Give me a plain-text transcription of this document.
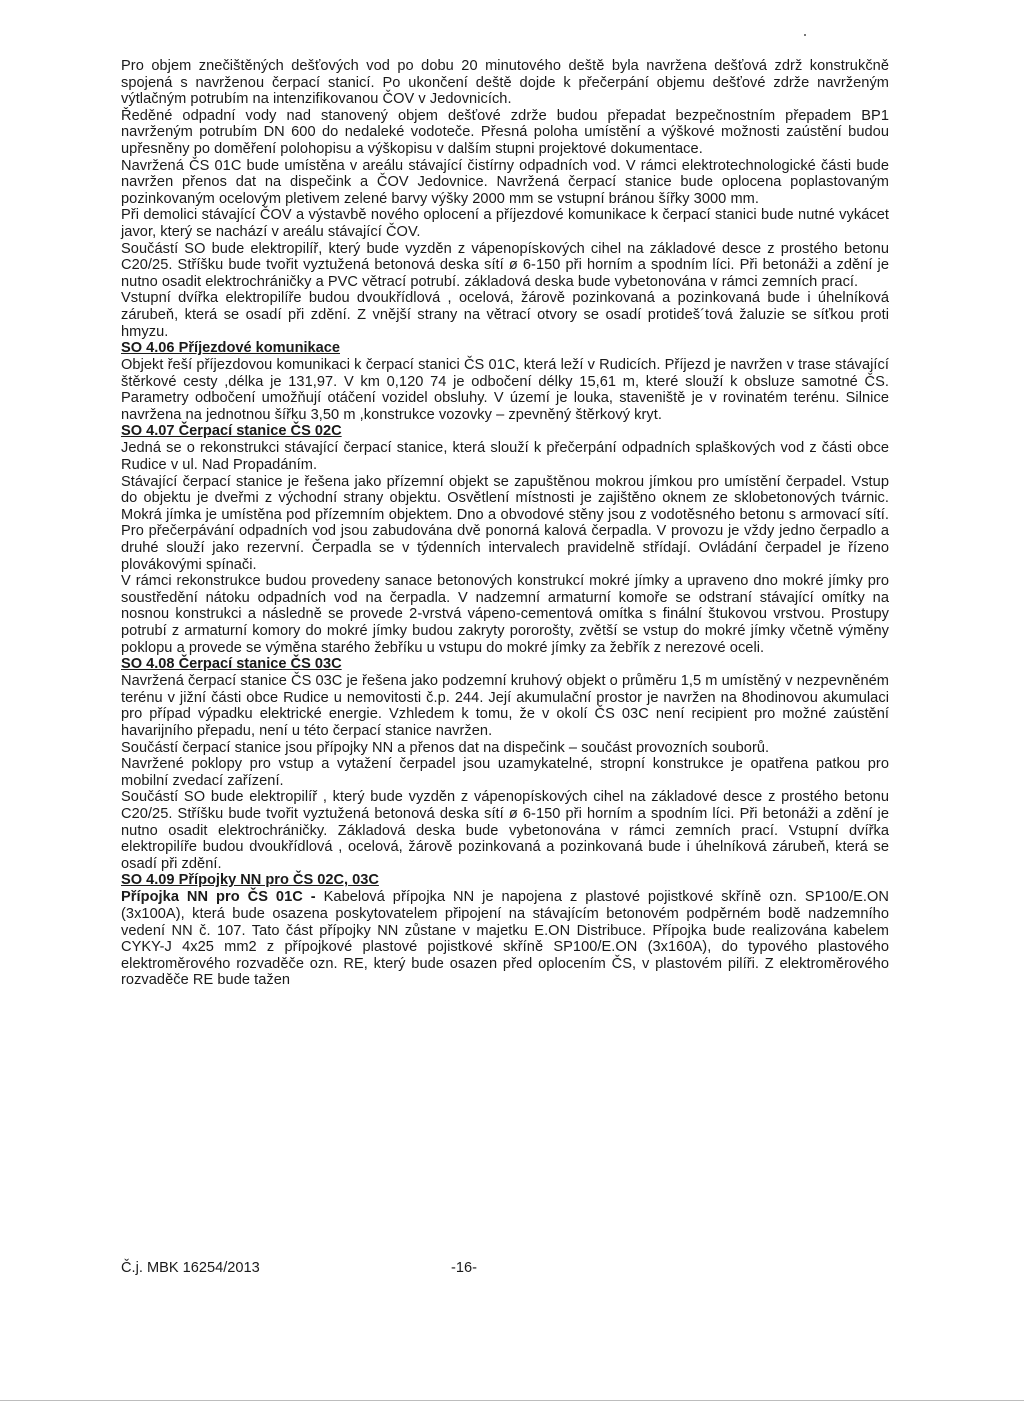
Pro objem znečištěných dešťových vod po dobu 20 minutového deště byla navržena dešťová zdrž konstrukčně spojená s navrženou čerpací stanicí. Po ukončení deště dojde k přečerpání objemu dešťové zdrže navrženým výtlačným potrubím na intenzifikovanou ČOV v Jedovnicích.

Ředěné odpadní vody nad stanovený objem dešťové zdrže budou přepadat bezpečnostním přepadem BP1 navrženým potrubím DN 600 do nedaleké vodoteče. Přesná poloha umístění a výškové možnosti zaústění budou upřesněny po doměření polohopisu a výškopisu v dalším stupni projektové dokumentace.

Navržená ČS 01C bude umístěna v areálu stávající čistírny odpadních vod. V rámci elektrotechnologické části bude navržen přenos dat na dispečink a ČOV Jedovnice. Navržená čerpací stanice bude oplocena poplastovaným pozinkovaným ocelovým pletivem zelené barvy výšky 2000 mm se vstupní bránou šířky 3000 mm.

Při demolici stávající ČOV a výstavbě nového oplocení a příjezdové komunikace k čerpací stanici bude nutné vykácet javor, který se nachází v areálu stávající ČOV.

Součástí SO bude elektropilíř, který bude vyzděn z vápenopískových cihel na základové desce z prostého betonu C20/25. Stříšku bude tvořit vyztužená betonová deska sítí ø 6-150 při horním a spodním líci. Při betonáži a zdění je nutno osadit elektrochráničky a PVC větrací potrubí. základová deska bude vybetonována v rámci zemních prací.

Vstupní dvířka elektropilíře budou dvoukřídlová , ocelová, žárově pozinkovaná a pozinkovaná bude i úhelníková zárubeň, která se osadí při zdění. Z vnější strany na větrací otvory se osadí protideš´tová žaluzie se síťkou proti hmyzu.

SO 4.06 Příjezdové komunikace

Objekt řeší příjezdovou komunikaci k čerpací stanici ČS 01C, která leží v Rudicích. Příjezd je navržen v trase stávající štěrkové cesty ,délka je 131,97. V km 0,120 74 je odbočení délky 15,61 m, které slouží k obsluze samotné ČS. Parametry odbočení umožňují otáčení vozidel obsluhy. V území je louka, staveniště je v rovinatém terénu. Silnice navržena na jednotnou šířku 3,50 m ,konstrukce vozovky – zpevněný štěrkový kryt.

SO 4.07 Čerpací stanice ČS 02C

Jedná se o rekonstrukci stávající čerpací stanice, která slouží k přečerpání odpadních splaškových vod z části obce Rudice v ul. Nad Propadáním.

Stávající čerpací stanice je řešena jako přízemní objekt se zapuštěnou mokrou jímkou pro umístění čerpadel. Vstup do objektu je dveřmi z východní strany objektu. Osvětlení místnosti je zajištěno oknem ze sklobetonových tvárnic. Mokrá jímka je umístěna pod přízemním objektem. Dno a obvodové stěny jsou z vodotěsného betonu s armovací sítí. Pro přečerpávání odpadních vod jsou zabudována dvě ponorná kalová čerpadla. V provozu je vždy jedno čerpadlo a druhé slouží jako rezervní. Čerpadla se v týdenních intervalech pravidelně střídají. Ovládání čerpadel je řízeno plovákovými spínači.

V rámci rekonstrukce budou provedeny sanace betonových konstrukcí mokré jímky a upraveno dno mokré jímky pro soustředění nátoku odpadních vod na čerpadla. V nadzemní armaturní komoře se odstraní stávající omítky na nosnou konstrukci a následně se provede 2-vrstvá vápeno-cementová omítka s finální štukovou vrstvou. Prostupy potrubí z armaturní komory do mokré jímky budou zakryty pororošty, zvětší se vstup do mokré jímky včetně výměny poklopu a provede se výměna starého žebříku u vstupu do mokré jímky za žebřík z nerezové oceli.

SO 4.08 Čerpací stanice ČS 03C

Navržená čerpací stanice ČS 03C je řešena jako podzemní kruhový objekt o průměru 1,5 m umístěný v nezpevněném terénu v jižní části obce Rudice u nemovitosti č.p. 244. Její akumulační prostor je navržen na 8hodinovou akumulaci pro případ výpadku elektrické energie. Vzhledem k tomu, že v okolí ČS 03C není recipient pro možné zaústění havarijního přepadu, není u této čerpací stanice navržen.

Součástí čerpací stanice jsou přípojky NN a přenos dat na dispečink – součást provozních souborů.

Navržené poklopy pro vstup a vytažení čerpadel jsou uzamykatelné, stropní konstrukce je opatřena patkou pro mobilní zvedací zařízení.

Součástí SO bude elektropilíř , který bude vyzděn z vápenopískových cihel na základové desce z prostého betonu C20/25. Stříšku bude tvořit vyztužená betonová deska sítí ø 6-150 při horním a spodním líci. Při betonáži a zdění je nutno osadit elektrochráničky. Základová deska bude vybetonována v rámci zemních prací. Vstupní dvířka elektropilíře budou dvoukřídlová , ocelová, žárově pozinkovaná a pozinkovaná bude i úhelníková zárubeň, která se osadí při zdění.

SO 4.09 Přípojky NN pro ČS 02C, 03C

Přípojka NN pro ČS 01C - Kabelová přípojka NN je napojena z plastové pojistkové skříně ozn. SP100/E.ON (3x100A), která bude osazena poskytovatelem připojení na stávajícím betonovém podpěrném bodě nadzemního vedení NN č. 107. Tato část přípojky NN zůstane v majetku E.ON Distribuce. Přípojka bude realizována kabelem CYKY-J 4x25 mm2 z přípojkové plastové pojistkové skříně SP100/E.ON (3x160A), do typového plastového elektroměrového rozvaděče ozn. RE, který bude osazen před oplocením ČS, v plastovém pilíři. Z elektroměrového rozvaděče RE bude tažen

Č.j. MBK 16254/2013	-16-
